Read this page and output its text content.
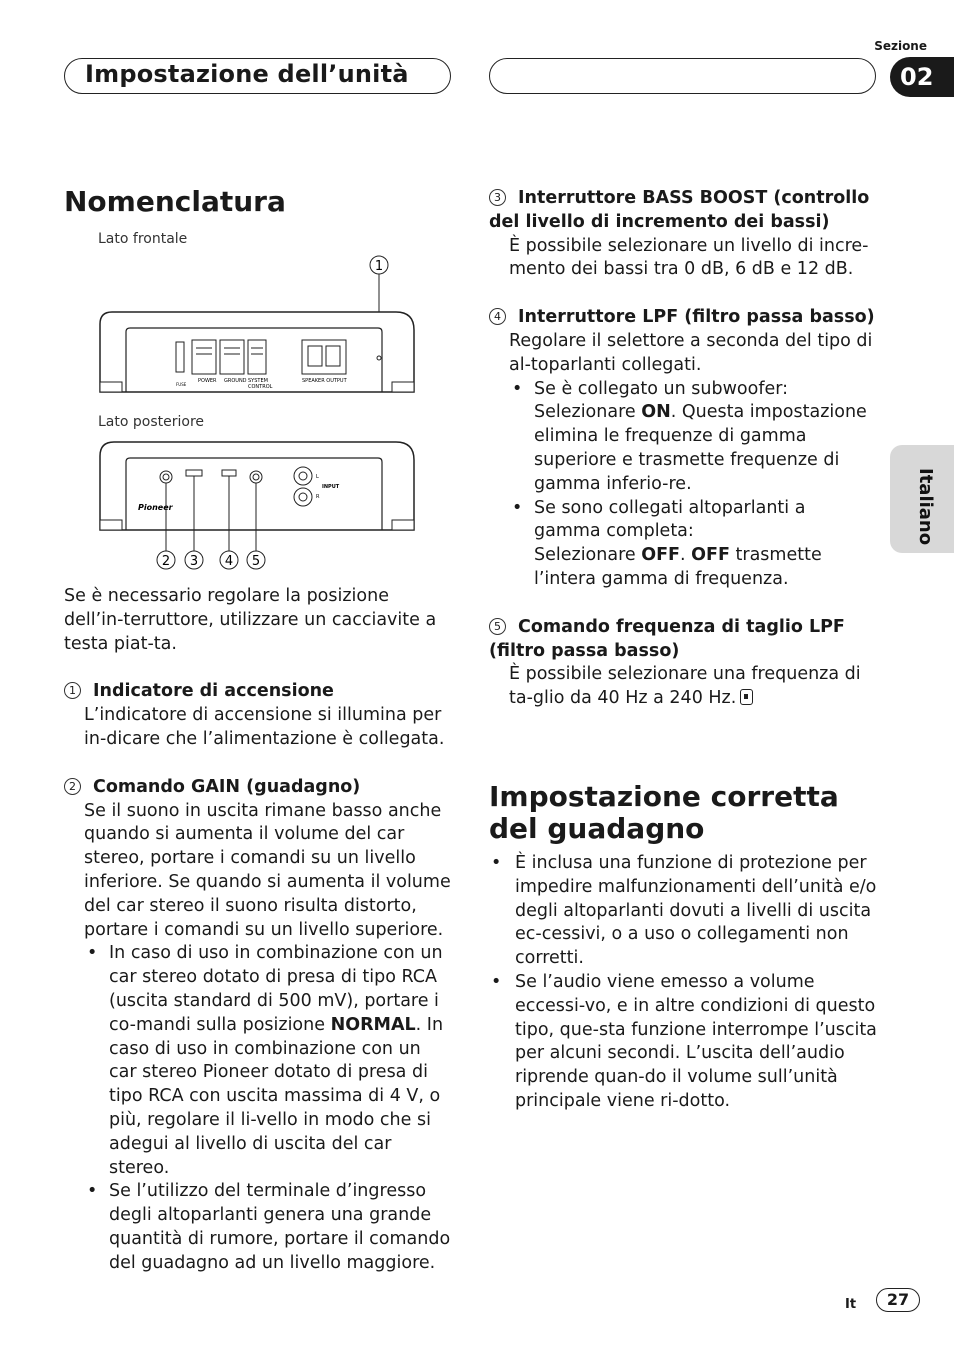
Impostazione dell’unità
Sezione
02
Italiano
Nomenclatura
Lato frontale
1
FUSE
POWER GROUND SYSTEM
CONTROL
SPEAKER OUTPUT
Lato posteriore
L
R
INPUT
Pioneer
2 3 4 5
Se è necessario regolare la posizione dell’in-terruttore, utilizzare un cacciavite a testa piat-ta.
1 Indicatore di accensione
L’indicatore di accensione si illumina per in-dicare che l’alimentazione è collegata.
2 Comando GAIN (guadagno)
Se il suono in uscita rimane basso anche quando si aumenta il volume del car stereo, portare i comandi su un livello inferiore. Se quando si aumenta il volume del car stereo il suono risulta distorto, portare i comandi su un livello superiore.
• In caso di uso in combinazione con un car stereo dotato di presa di tipo RCA (uscita standard di 500 mV), portare i co-mandi sulla posizione NORMAL. In caso di uso in combinazione con un car stereo Pioneer dotato di presa di tipo RCA con uscita massima di 4 V, o più, regolare il li-vello in modo che si adegui al livello di uscita del car stereo.
• Se l’utilizzo del terminale d’ingresso degli altoparlanti genera una grande quantità di rumore, portare il comando del guadagno ad un livello maggiore.
3 Interruttore BASS BOOST (controllo del livello di incremento dei bassi)
È possibile selezionare un livello di incre-mento dei bassi tra 0 dB, 6 dB e 12 dB.
4 Interruttore LPF (filtro passa basso)
Regolare il selettore a seconda del tipo di al-toparlanti collegati.
• Se è collegato un subwoofer:
Selezionare ON. Questa impostazione elimina le frequenze di gamma superiore e trasmette frequenze di gamma inferio-re.
• Se sono collegati altoparlanti a gamma completa:
Selezionare OFF. OFF trasmette l’intera gamma di frequenza.
5 Comando frequenza di taglio LPF (filtro passa basso)
È possibile selezionare una frequenza di ta-glio da 40 Hz a 240 Hz.
Impostazione corretta del guadagno
• È inclusa una funzione di protezione per impedire malfunzionamenti dell’unità e/o degli altoparlanti dovuti a livelli di uscita ec-cessivi, o a uso o collegamenti non corretti.
• Se l’audio viene emesso a volume eccessi-vo, e in altre condizioni di questo tipo, que-sta funzione interrompe l’uscita per alcuni secondi. L’uscita dell’audio riprende quan-do il volume sull’unità principale viene ri-dotto.
It	27
